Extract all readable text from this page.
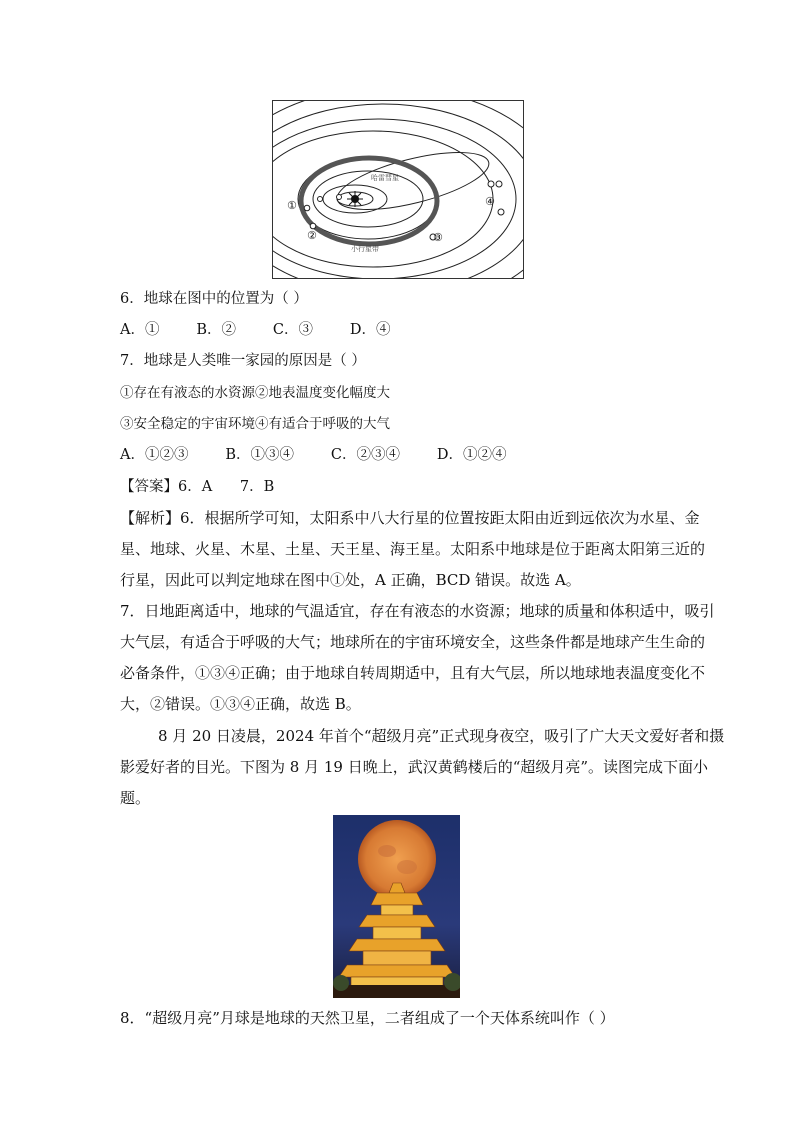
①
②	③
④
哈雷彗星
小行星带
6．地球在图中的位置为（ ）
A．①        B．②        C．③        D．④
7．地球是人类唯一家园的原因是（ ）
①存在有液态的水资源②地表温度变化幅度大
③安全稳定的宇宙环境④有适合于呼吸的大气
A．①②③        B．①③④        C．②③④        D．①②④
【答案】6．A      7．B
【解析】6．根据所学可知，太阳系中八大行星的位置按距太阳由近到远依次为水星、金
星、地球、火星、木星、土星、天王星、海王星。太阳系中地球是位于距离太阳第三近的
行星，因此可以判定地球在图中①处，A 正确，BCD 错误。故选 A。
7．日地距离适中，地球的气温适宜，存在有液态的水资源；地球的质量和体积适中，吸引
大气层，有适合于呼吸的大气；地球所在的宇宙环境安全，这些条件都是地球产生生命的
必备条件，①③④正确；由于地球自转周期适中，且有大气层，所以地球地表温度变化不
大，②错误。①③④正确，故选 B。
8 月 20 日凌晨，2024 年首个“超级月亮”正式现身夜空，吸引了广大天文爱好者和摄
影爱好者的目光。下图为 8 月 19 日晚上，武汉黄鹤楼后的“超级月亮”。读图完成下面小
题。
8．“超级月亮”月球是地球的天然卫星，二者组成了一个天体系统叫作（ ）
